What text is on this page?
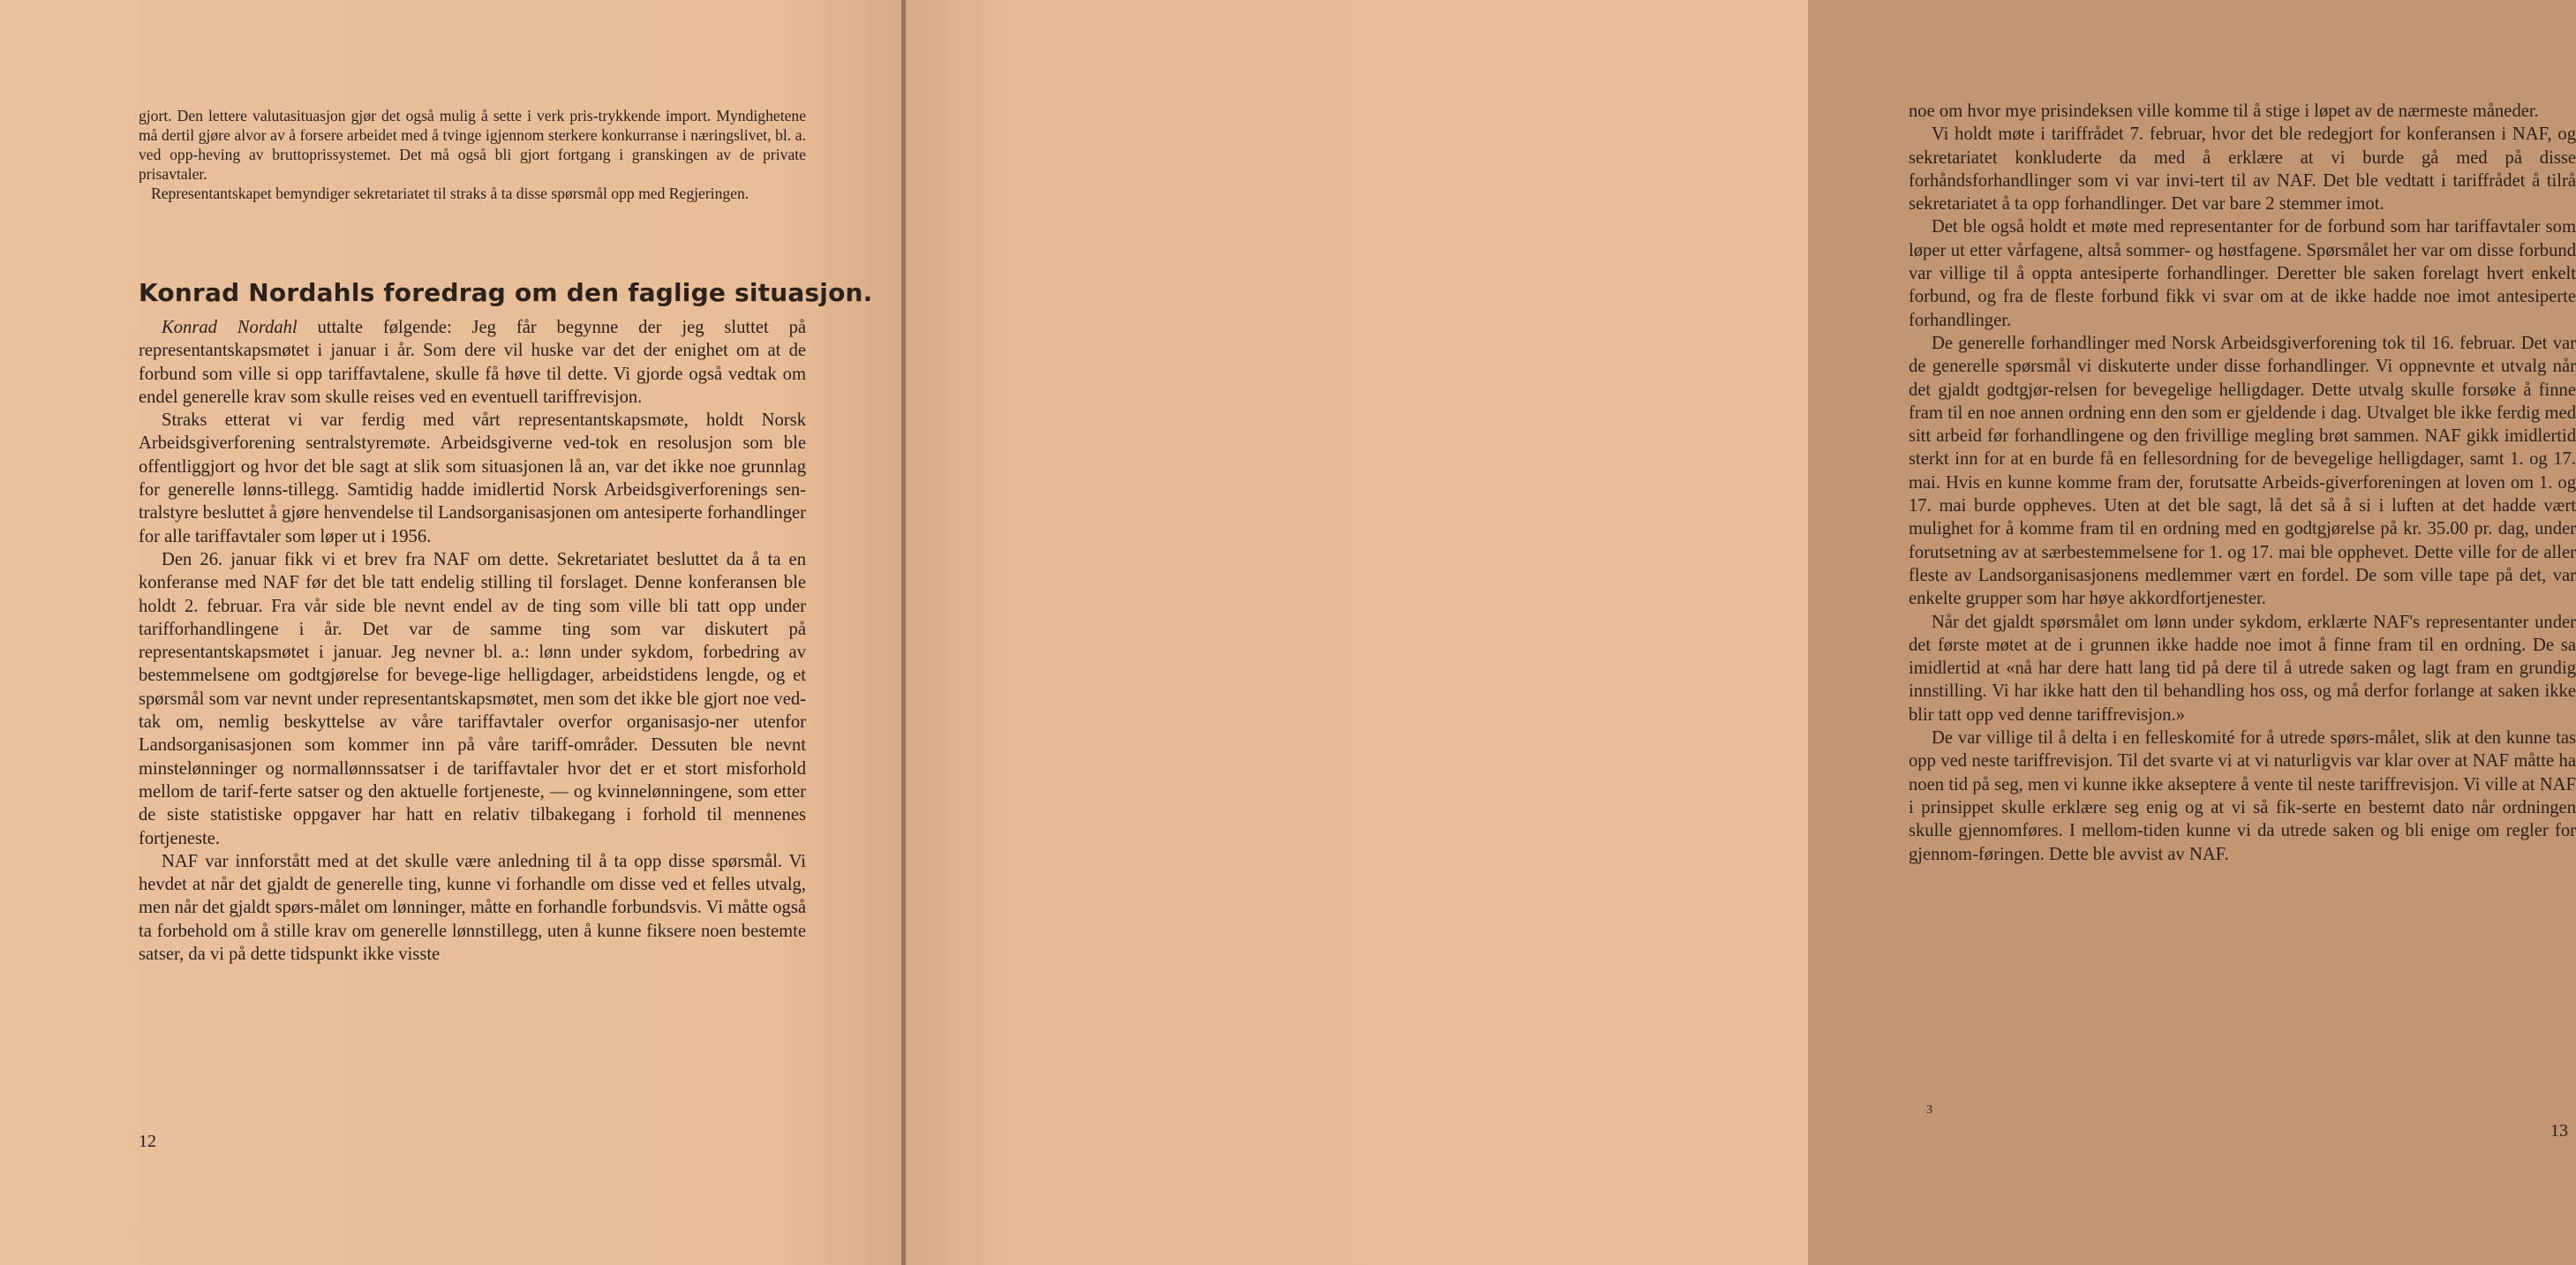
gjort. Den lettere valutasituasjon gjør det også mulig å sette i verk pris-trykkende import. Myndighetene må dertil gjøre alvor av å forsere arbeidet med å tvinge igjennom sterkere konkurranse i næringslivet, bl. a. ved opp-heving av bruttoprissystemet. Det må også bli gjort fortgang i granskingen av de private prisavtaler.

Representantskapet bemyndiger sekretariatet til straks å ta disse spørsmål opp med Regjeringen.

Konrad Nordahls foredrag om den faglige situasjon.

Konrad Nordahl uttalte følgende: Jeg får begynne der jeg sluttet på representantskapsmøtet i januar i år. Som dere vil huske var det der enighet om at de forbund som ville si opp tariffavtalene, skulle få høve til dette. Vi gjorde også vedtak om endel generelle krav som skulle reises ved en eventuell tariffrevisjon.

Straks etterat vi var ferdig med vårt representantskapsmøte, holdt Norsk Arbeidsgiverforening sentralstyremøte. Arbeidsgiverne ved-tok en resolusjon som ble offentliggjort og hvor det ble sagt at slik som situasjonen lå an, var det ikke noe grunnlag for generelle lønns-tillegg. Samtidig hadde imidlertid Norsk Arbeidsgiverforenings sen-tralstyre besluttet å gjøre henvendelse til Landsorganisasjonen om antesiperte forhandlinger for alle tariffavtaler som løper ut i 1956.

Den 26. januar fikk vi et brev fra NAF om dette. Sekretariatet besluttet da å ta en konferanse med NAF før det ble tatt endelig stilling til forslaget. Denne konferansen ble holdt 2. februar. Fra vår side ble nevnt endel av de ting som ville bli tatt opp under tarifforhandlingene i år. Det var de samme ting som var diskutert på representantskapsmøtet i januar. Jeg nevner bl. a.: lønn under sykdom, forbedring av bestemmelsene om godtgjørelse for bevege-lige helligdager, arbeidstidens lengde, og et spørsmål som var nevnt under representantskapsmøtet, men som det ikke ble gjort noe ved-tak om, nemlig beskyttelse av våre tariffavtaler overfor organisasjo-ner utenfor Landsorganisasjonen som kommer inn på våre tariff-områder. Dessuten ble nevnt minstelønninger og normallønnssatser i de tariffavtaler hvor det er et stort misforhold mellom de tarif-ferte satser og den aktuelle fortjeneste, — og kvinnelønningene, som etter de siste statistiske oppgaver har hatt en relativ tilbakegang i forhold til mennenes fortjeneste.

NAF var innforstått med at det skulle være anledning til å ta opp disse spørsmål. Vi hevdet at når det gjaldt de generelle ting, kunne vi forhandle om disse ved et felles utvalg, men når det gjaldt spørs-målet om lønninger, måtte en forhandle forbundsvis. Vi måtte også ta forbehold om å stille krav om generelle lønnstillegg, uten å kunne fiksere noen bestemte satser, da vi på dette tidspunkt ikke visste

12

noe om hvor mye prisindeksen ville komme til å stige i løpet av de nærmeste måneder.

Vi holdt møte i tariffrådet 7. februar, hvor det ble redegjort for konferansen i NAF, og sekretariatet konkluderte da med å erklære at vi burde gå med på disse forhåndsforhandlinger som vi var invi-tert til av NAF. Det ble vedtatt i tariffrådet å tilrå sekretariatet å ta opp forhandlinger. Det var bare 2 stemmer imot.

Det ble også holdt et møte med representanter for de forbund som har tariffavtaler som løper ut etter vårfagene, altså sommer- og høstfagene. Spørsmålet her var om disse forbund var villige til å oppta antesiperte forhandlinger. Deretter ble saken forelagt hvert enkelt forbund, og fra de fleste forbund fikk vi svar om at de ikke hadde noe imot antesiperte forhandlinger.

De generelle forhandlinger med Norsk Arbeidsgiverforening tok til 16. februar. Det var de generelle spørsmål vi diskuterte under disse forhandlinger. Vi oppnevnte et utvalg når det gjaldt godtgjør-relsen for bevegelige helligdager. Dette utvalg skulle forsøke å finne fram til en noe annen ordning enn den som er gjeldende i dag. Utvalget ble ikke ferdig med sitt arbeid før forhandlingene og den frivillige megling brøt sammen. NAF gikk imidlertid sterkt inn for at en burde få en fellesordning for de bevegelige helligdager, samt 1. og 17. mai. Hvis en kunne komme fram der, forutsatte Arbeids-giverforeningen at loven om 1. og 17. mai burde oppheves. Uten at det ble sagt, lå det så å si i luften at det hadde vært mulighet for å komme fram til en ordning med en godtgjørelse på kr. 35.00 pr. dag, under forutsetning av at særbestemmelsene for 1. og 17. mai ble opphevet. Dette ville for de aller fleste av Landsorganisasjonens medlemmer vært en fordel. De som ville tape på det, var enkelte grupper som har høye akkordfortjenester.

Når det gjaldt spørsmålet om lønn under sykdom, erklærte NAF's representanter under det første møtet at de i grunnen ikke hadde noe imot å finne fram til en ordning. De sa imidlertid at «nå har dere hatt lang tid på dere til å utrede saken og lagt fram en grundig innstilling. Vi har ikke hatt den til behandling hos oss, og må derfor forlange at saken ikke blir tatt opp ved denne tariffrevisjon.»

De var villige til å delta i en felleskomité for å utrede spørs-målet, slik at den kunne tas opp ved neste tariffrevisjon. Til det svarte vi at vi naturligvis var klar over at NAF måtte ha noen tid på seg, men vi kunne ikke akseptere å vente til neste tariffrevisjon. Vi ville at NAF i prinsippet skulle erklære seg enig og at vi så fik-serte en bestemt dato når ordningen skulle gjennomføres. I mellom-tiden kunne vi da utrede saken og bli enige om regler for gjennom-føringen. Dette ble avvist av NAF.

3
13
